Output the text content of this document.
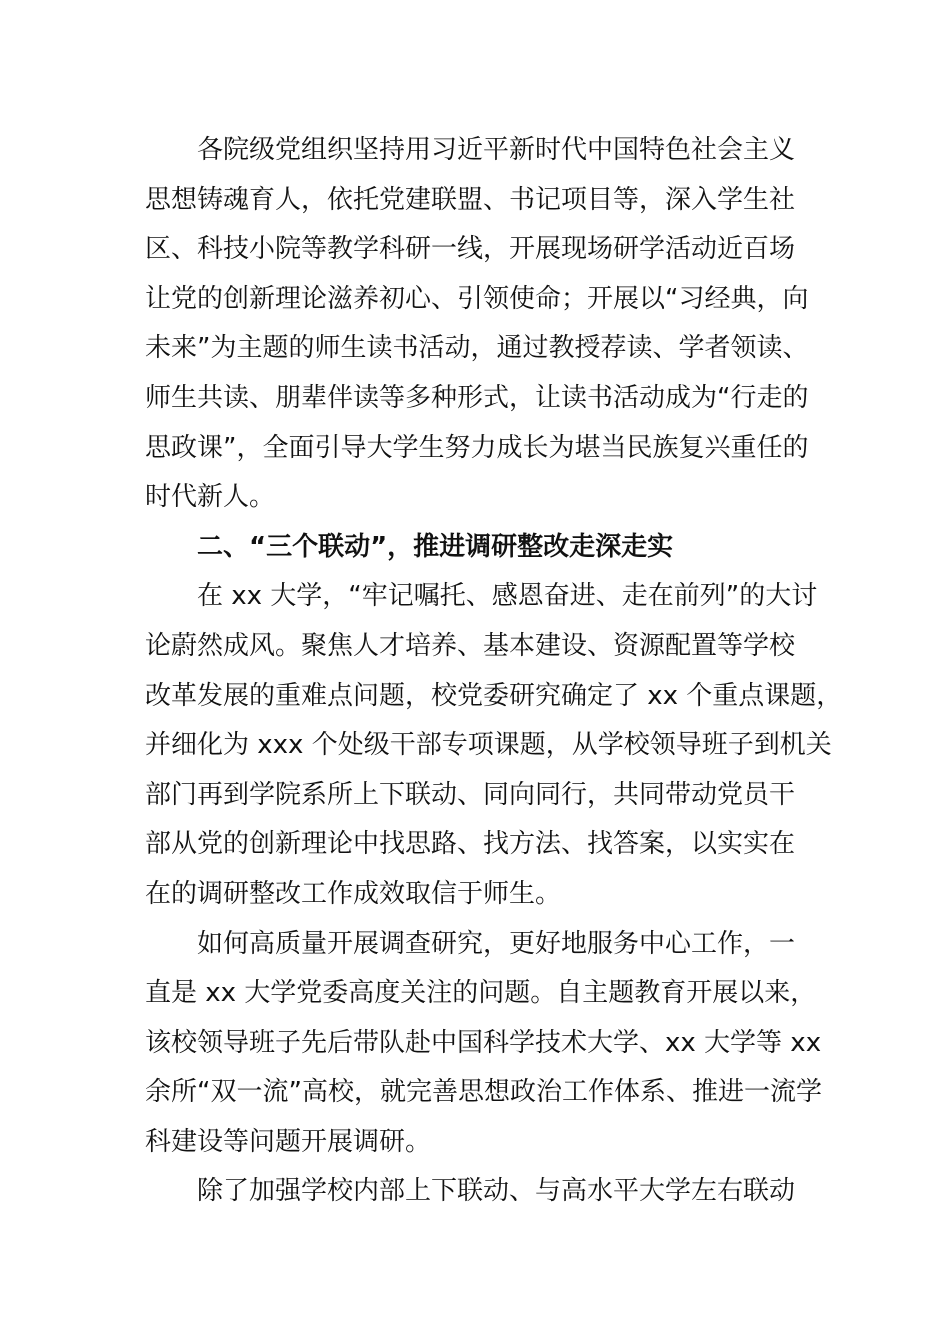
各院级党组织坚持用习近平新时代中国特色社会主义
思想铸魂育人，依托党建联盟、书记项目等，深入学生社
区、科技小院等教学科研一线，开展现场研学活动近百场
让党的创新理论滋养初心、引领使命；开展以“习经典，向
未来”为主题的师生读书活动，通过教授荐读、学者领读、
师生共读、朋辈伴读等多种形式，让读书活动成为“行走的
思政课”，全面引导大学生努力成长为堪当民族复兴重任的
时代新人。
二、“三个联动”，推进调研整改走深走实
在 xx 大学，“牢记嘱托、感恩奋进、走在前列”的大讨
论蔚然成风。聚焦人才培养、基本建设、资源配置等学校
改革发展的重难点问题，校党委研究确定了 xx 个重点课题，
并细化为 xxx 个处级干部专项课题，从学校领导班子到机关
部门再到学院系所上下联动、同向同行，共同带动党员干
部从党的创新理论中找思路、找方法、找答案，以实实在
在的调研整改工作成效取信于师生。
如何高质量开展调查研究，更好地服务中心工作，一
直是 xx 大学党委高度关注的问题。自主题教育开展以来，
该校领导班子先后带队赴中国科学技术大学、xx 大学等 xx
余所“双一流”高校，就完善思想政治工作体系、推进一流学
科建设等问题开展调研。
除了加强学校内部上下联动、与高水平大学左右联动
